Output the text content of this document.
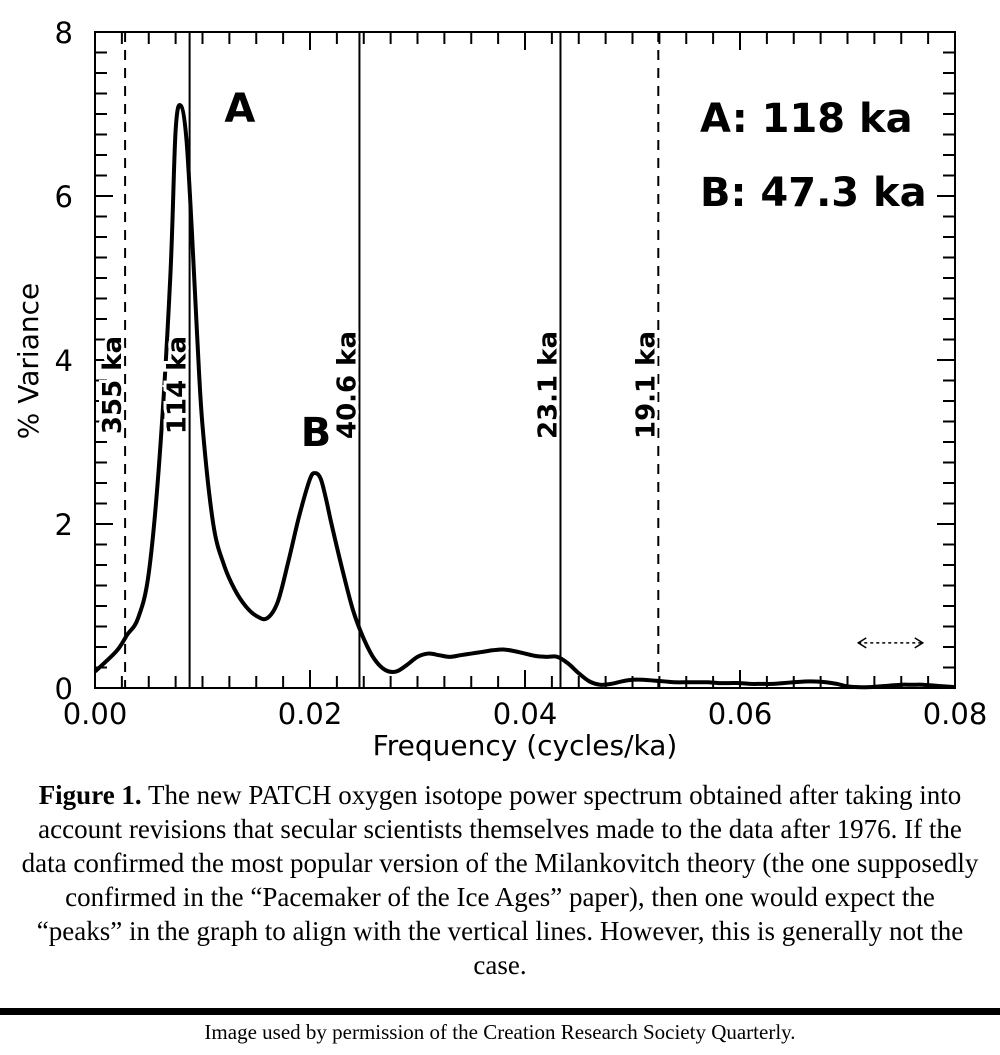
0.00	0.02	0.04	0.06	0.08
0
2
4
6
8
355 ka 114 ka	40.6 ka	23.1 ka	19.1 ka
A
B
A: 118 ka
B: 47.3 ka
Frequency (cycles/ka)
% Variance
Figure 1. The new PATCH oxygen isotope power spectrum obtained after taking into account revisions that secular scientists themselves made to the data after 1976. If the data confirmed the most popular version of the Milankovitch theory (the one supposedly confirmed in the “Pacemaker of the Ice Ages” paper), then one would expect the “peaks” in the graph to align with the vertical lines. However, this is generally not the case.
Image used by permission of the Creation Research Society Quarterly.
